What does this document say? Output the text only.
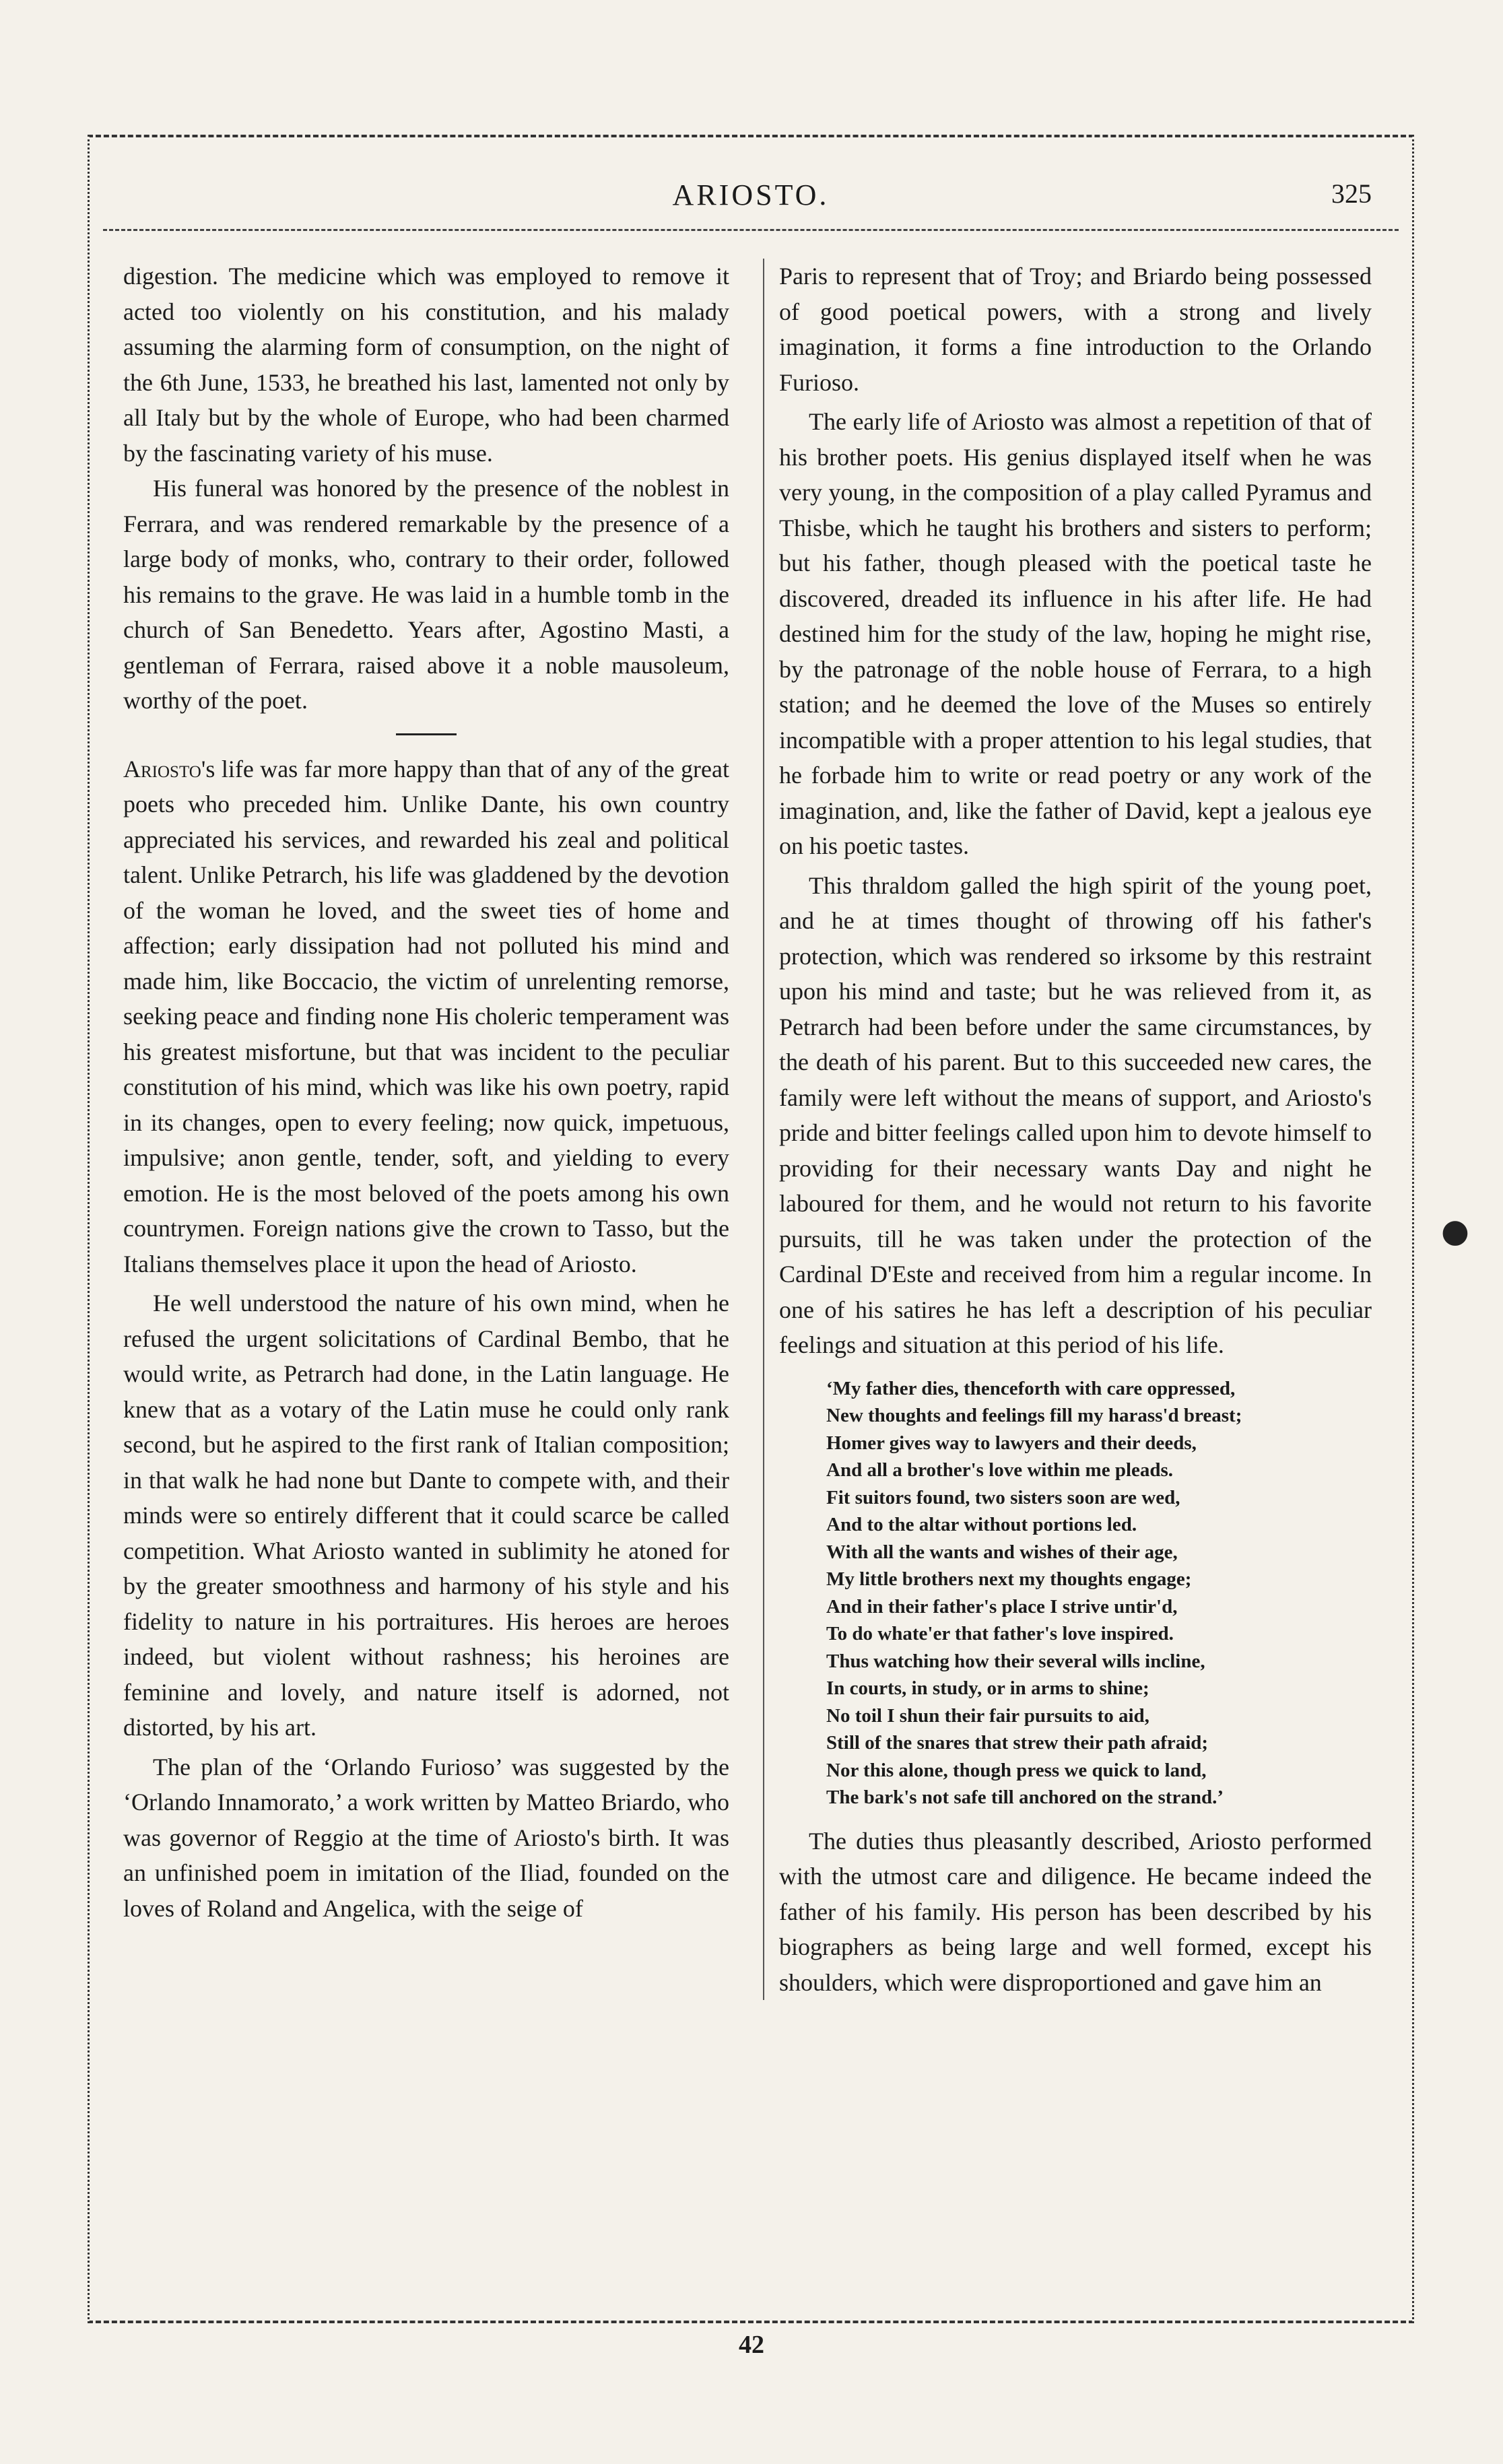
ARIOSTO.	325

digestion. The medicine which was employed to remove it acted too violently on his constitution, and his malady assuming the alarming form of consumption, on the night of the 6th June, 1533, he breathed his last, lamented not only by all Italy but by the whole of Europe, who had been charmed by the fascinating variety of his muse.

His funeral was honored by the presence of the noblest in Ferrara, and was rendered remarkable by the presence of a large body of monks, who, contrary to their order, followed his remains to the grave. He was laid in a humble tomb in the church of San Benedetto. Years after, Agostino Masti, a gentleman of Ferrara, raised above it a noble mausoleum, worthy of the poet.

Ariosto's life was far more happy than that of any of the great poets who preceded him. Unlike Dante, his own country appreciated his services, and rewarded his zeal and political talent. Unlike Petrarch, his life was gladdened by the devotion of the woman he loved, and the sweet ties of home and affection; early dissipation had not polluted his mind and made him, like Boccacio, the victim of unrelenting remorse, seeking peace and finding none His choleric temperament was his greatest misfortune, but that was incident to the peculiar constitution of his mind, which was like his own poetry, rapid in its changes, open to every feeling; now quick, impetuous, impulsive; anon gentle, tender, soft, and yielding to every emotion. He is the most beloved of the poets among his own countrymen. Foreign nations give the crown to Tasso, but the Italians themselves place it upon the head of Ariosto.

He well understood the nature of his own mind, when he refused the urgent solicitations of Cardinal Bembo, that he would write, as Petrarch had done, in the Latin language. He knew that as a votary of the Latin muse he could only rank second, but he aspired to the first rank of Italian composition; in that walk he had none but Dante to compete with, and their minds were so entirely different that it could scarce be called competition. What Ariosto wanted in sublimity he atoned for by the greater smoothness and harmony of his style and his fidelity to nature in his portraitures. His heroes are heroes indeed, but violent without rashness; his heroines are feminine and lovely, and nature itself is adorned, not distorted, by his art.

The plan of the ‘Orlando Furioso’ was suggested by the ‘Orlando Innamorato,’ a work written by Matteo Briardo, who was governor of Reggio at the time of Ariosto's birth. It was an unfinished poem in imitation of the Iliad, founded on the loves of Roland and Angelica, with the seige of

Paris to represent that of Troy; and Briardo being possessed of good poetical powers, with a strong and lively imagination, it forms a fine introduction to the Orlando Furioso.

The early life of Ariosto was almost a repetition of that of his brother poets. His genius displayed itself when he was very young, in the composition of a play called Pyramus and Thisbe, which he taught his brothers and sisters to perform; but his father, though pleased with the poetical taste he discovered, dreaded its influence in his after life. He had destined him for the study of the law, hoping he might rise, by the patronage of the noble house of Ferrara, to a high station; and he deemed the love of the Muses so entirely incompatible with a proper attention to his legal studies, that he forbade him to write or read poetry or any work of the imagination, and, like the father of David, kept a jealous eye on his poetic tastes.

This thraldom galled the high spirit of the young poet, and he at times thought of throwing off his father's protection, which was rendered so irksome by this restraint upon his mind and taste; but he was relieved from it, as Petrarch had been before under the same circumstances, by the death of his parent. But to this succeeded new cares, the family were left without the means of support, and Ariosto's pride and bitter feelings called upon him to devote himself to providing for their necessary wants Day and night he laboured for them, and he would not return to his favorite pursuits, till he was taken under the protection of the Cardinal D'Este and received from him a regular income. In one of his satires he has left a description of his peculiar feelings and situation at this period of his life.

‘My father dies, thenceforth with care oppressed,
New thoughts and feelings fill my harass'd breast;
Homer gives way to lawyers and their deeds,
And all a brother's love within me pleads.
Fit suitors found, two sisters soon are wed,
And to the altar without portions led.
With all the wants and wishes of their age,
My little brothers next my thoughts engage;
And in their father's place I strive untir'd,
To do whate'er that father's love inspired.
Thus watching how their several wills incline,
In courts, in study, or in arms to shine;
No toil I shun their fair pursuits to aid,
Still of the snares that strew their path afraid;
Nor this alone, though press we quick to land,
The bark's not safe till anchored on the strand.’

The duties thus pleasantly described, Ariosto performed with the utmost care and diligence. He became indeed the father of his family. His person has been described by his biographers as being large and well formed, except his shoulders, which were disproportioned and gave him an

42
●
